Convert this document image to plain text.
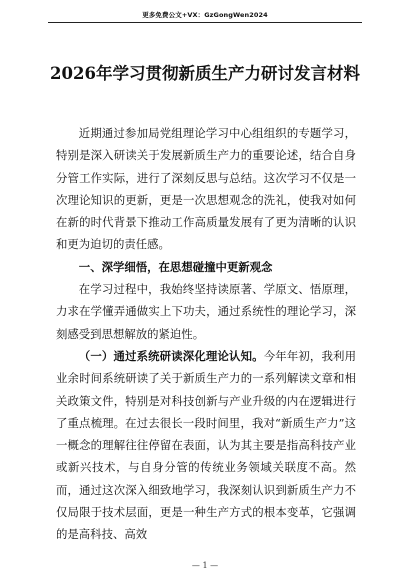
更多免费公文+VX：GzGongWen2024
2026年学习贯彻新质生产力研讨发言材料

近期通过参加局党组理论学习中心组组织的专题学习，特别是深入研读关于发展新质生产力的重要论述，结合自身分管工作实际，进行了深刻反思与总结。这次学习不仅是一次理论知识的更新，更是一次思想观念的洗礼，使我对如何在新的时代背景下推动工作高质量发展有了更为清晰的认识和更为迫切的责任感。

一、深学细悟，在思想碰撞中更新观念

在学习过程中，我始终坚持读原著、学原文、悟原理，力求在学懂弄通做实上下功夫，通过系统性的理论学习，深刻感受到思想解放的紧迫性。

（一）通过系统研读深化理论认知。今年年初，我利用业余时间系统研读了关于新质生产力的一系列解读文章和相关政策文件，特别是对科技创新与产业升级的内在逻辑进行了重点梳理。在过去很长一段时间里，我对“新质生产力”这一概念的理解往往停留在表面，认为其主要是指高科技产业或新兴技术，与自身分管的传统业务领域关联度不高。然而，通过这次深入细致地学习，我深刻认识到新质生产力不仅局限于技术层面，更是一种生产方式的根本变革，它强调的是高科技、高效

— 1 —
